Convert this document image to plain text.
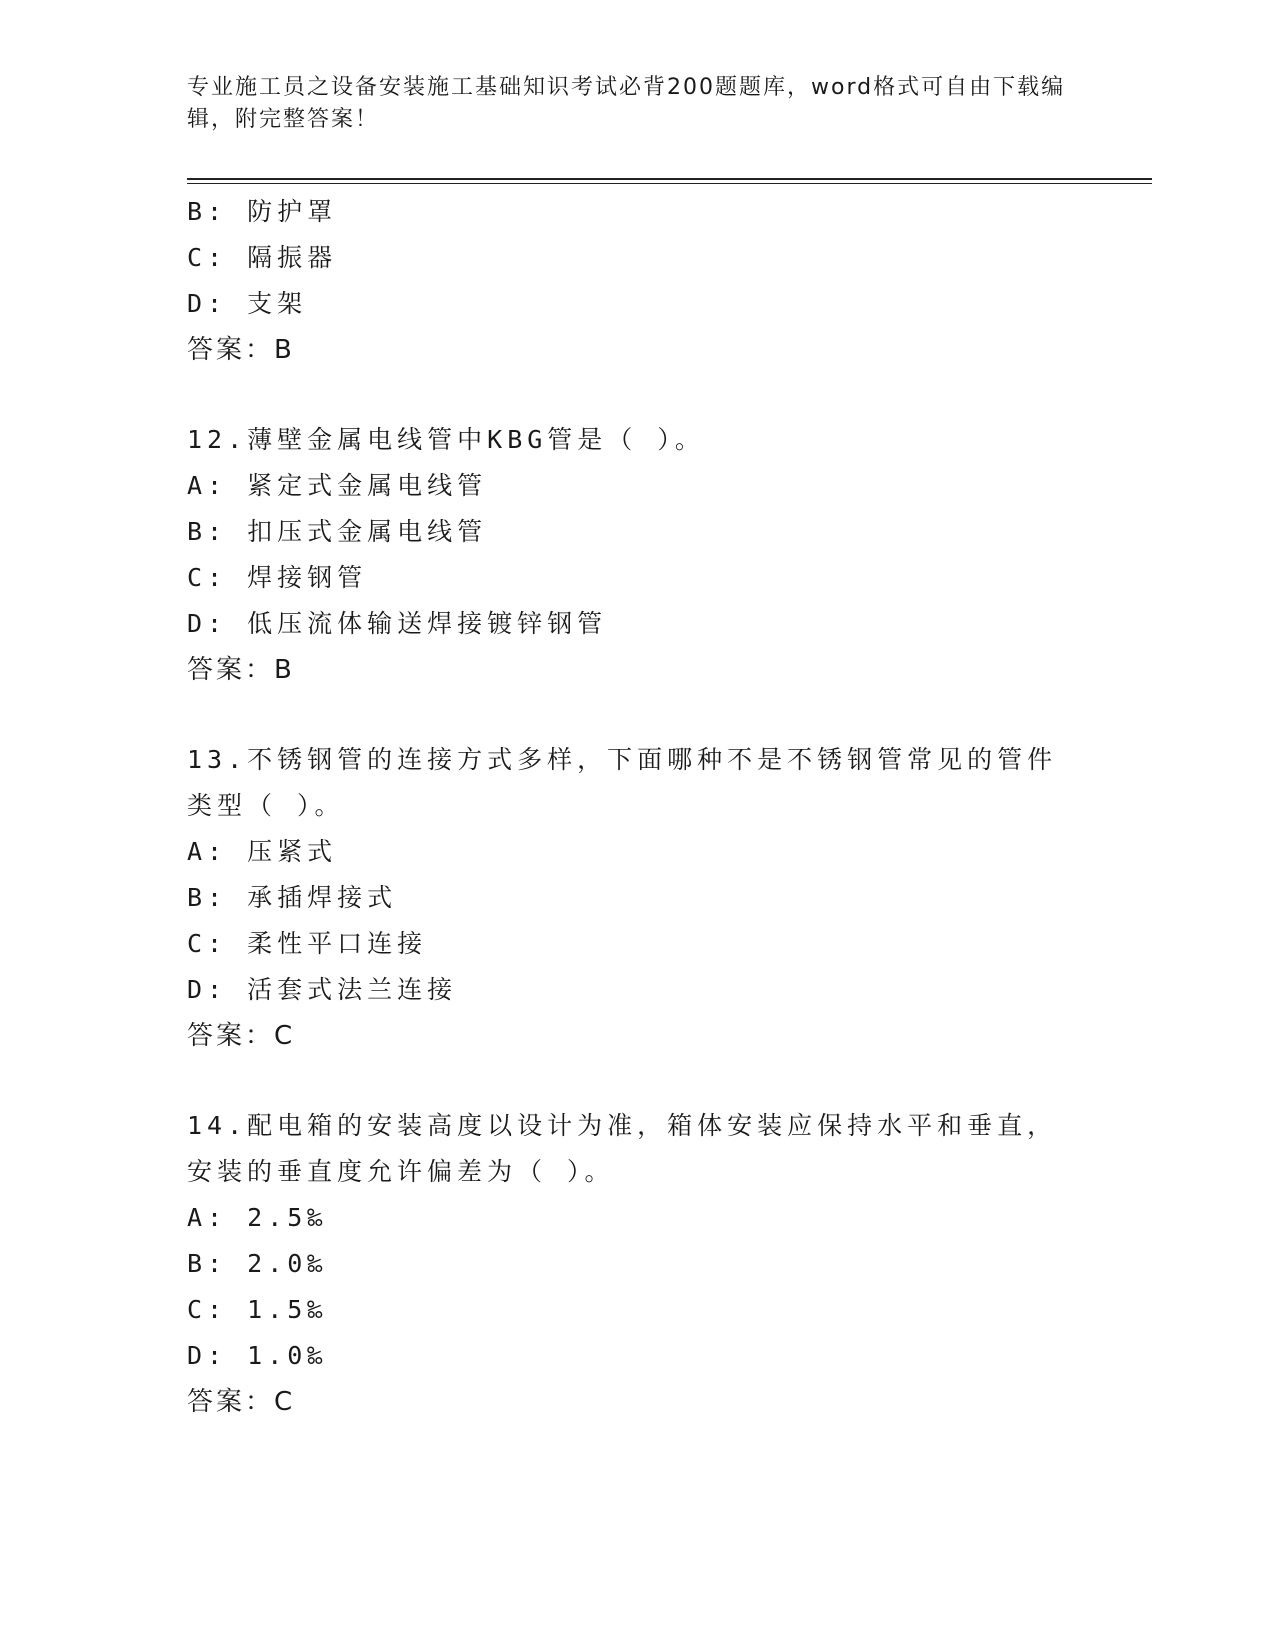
专业施工员之设备安装施工基础知识考试必背200题题库，word格式可自由下载编辑，附完整答案！

B: 防护罩
C: 隔振器
D: 支架
答案：B
12.薄壁金属电线管中KBG管是（ ）。
A: 紧定式金属电线管
B: 扣压式金属电线管
C: 焊接钢管
D: 低压流体输送焊接镀锌钢管
答案：B
13.不锈钢管的连接方式多样，下面哪种不是不锈钢管常见的管件类型（ ）。
A: 压紧式
B: 承插焊接式
C: 柔性平口连接
D: 活套式法兰连接
答案：C
14.配电箱的安装高度以设计为准，箱体安装应保持水平和垂直，安装的垂直度允许偏差为（ ）。
A: 2.5‰
B: 2.0‰
C: 1.5‰
D: 1.0‰
答案：C
